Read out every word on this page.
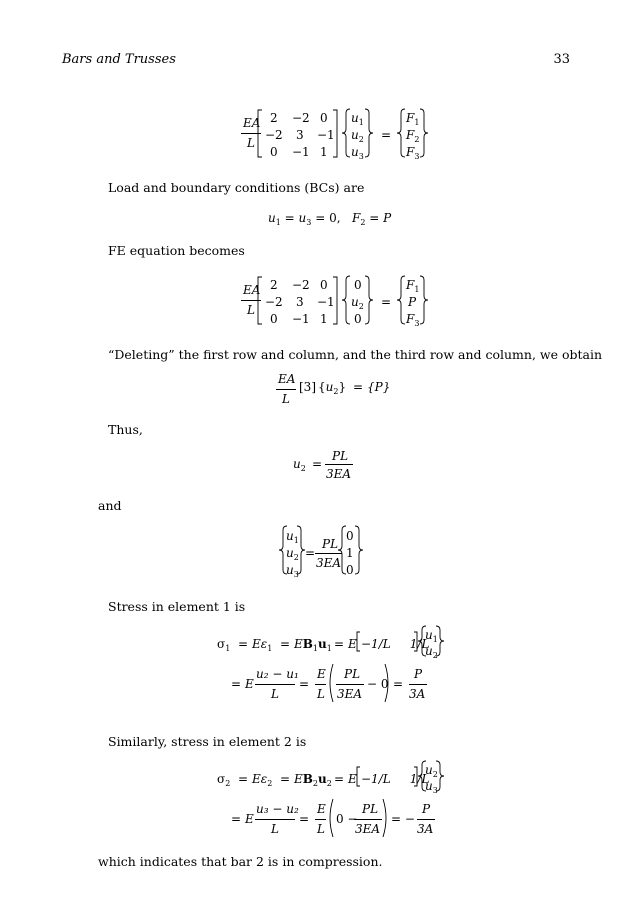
Bars and Trusses	33
EA
L
2 −2 0
−2 3 −1
0 −1 1
$u_1$
$u_2$
$u_3$
=
$F_1$
$F_2$
$F_3$
Load and boundary conditions (BCs) are
$u_1 = u_3 = 0$, $F_2 = P$
FE equation becomes
EA
L
2 −2 0
−2 3 −1
0 −1 1
0
$u_2$
0
=
$F_1$
P
$F_3$
“Deleting” the first row and column, and the third row and column, we obtain
EA
L
[3] $\{u_2\} = \{P\}$
Thus,
$u_2$ =
PL
3EA
and
$u_1$
$u_2$
$u_3$
=
PL
3EA
0
1
0
Stress in element 1 is
$\sigma_1 = E\varepsilon_1 = EB_1u_1 = E -1/L$     1/L
$u_1$
$u_2$
= E
u₂ − u₁
L
=
E
L
PL
3EA
− 0 =
P
3A
Similarly, stress in element 2 is
$\sigma_2 = E\varepsilon_2 = EB_2u_2 = E -1/L$     1/L
$u_2$
$u_3$
= E
u₃ − u₂
L
=
E
L
0 −
PL
3EA
= −
P
3A
which indicates that bar 2 is in compression.
